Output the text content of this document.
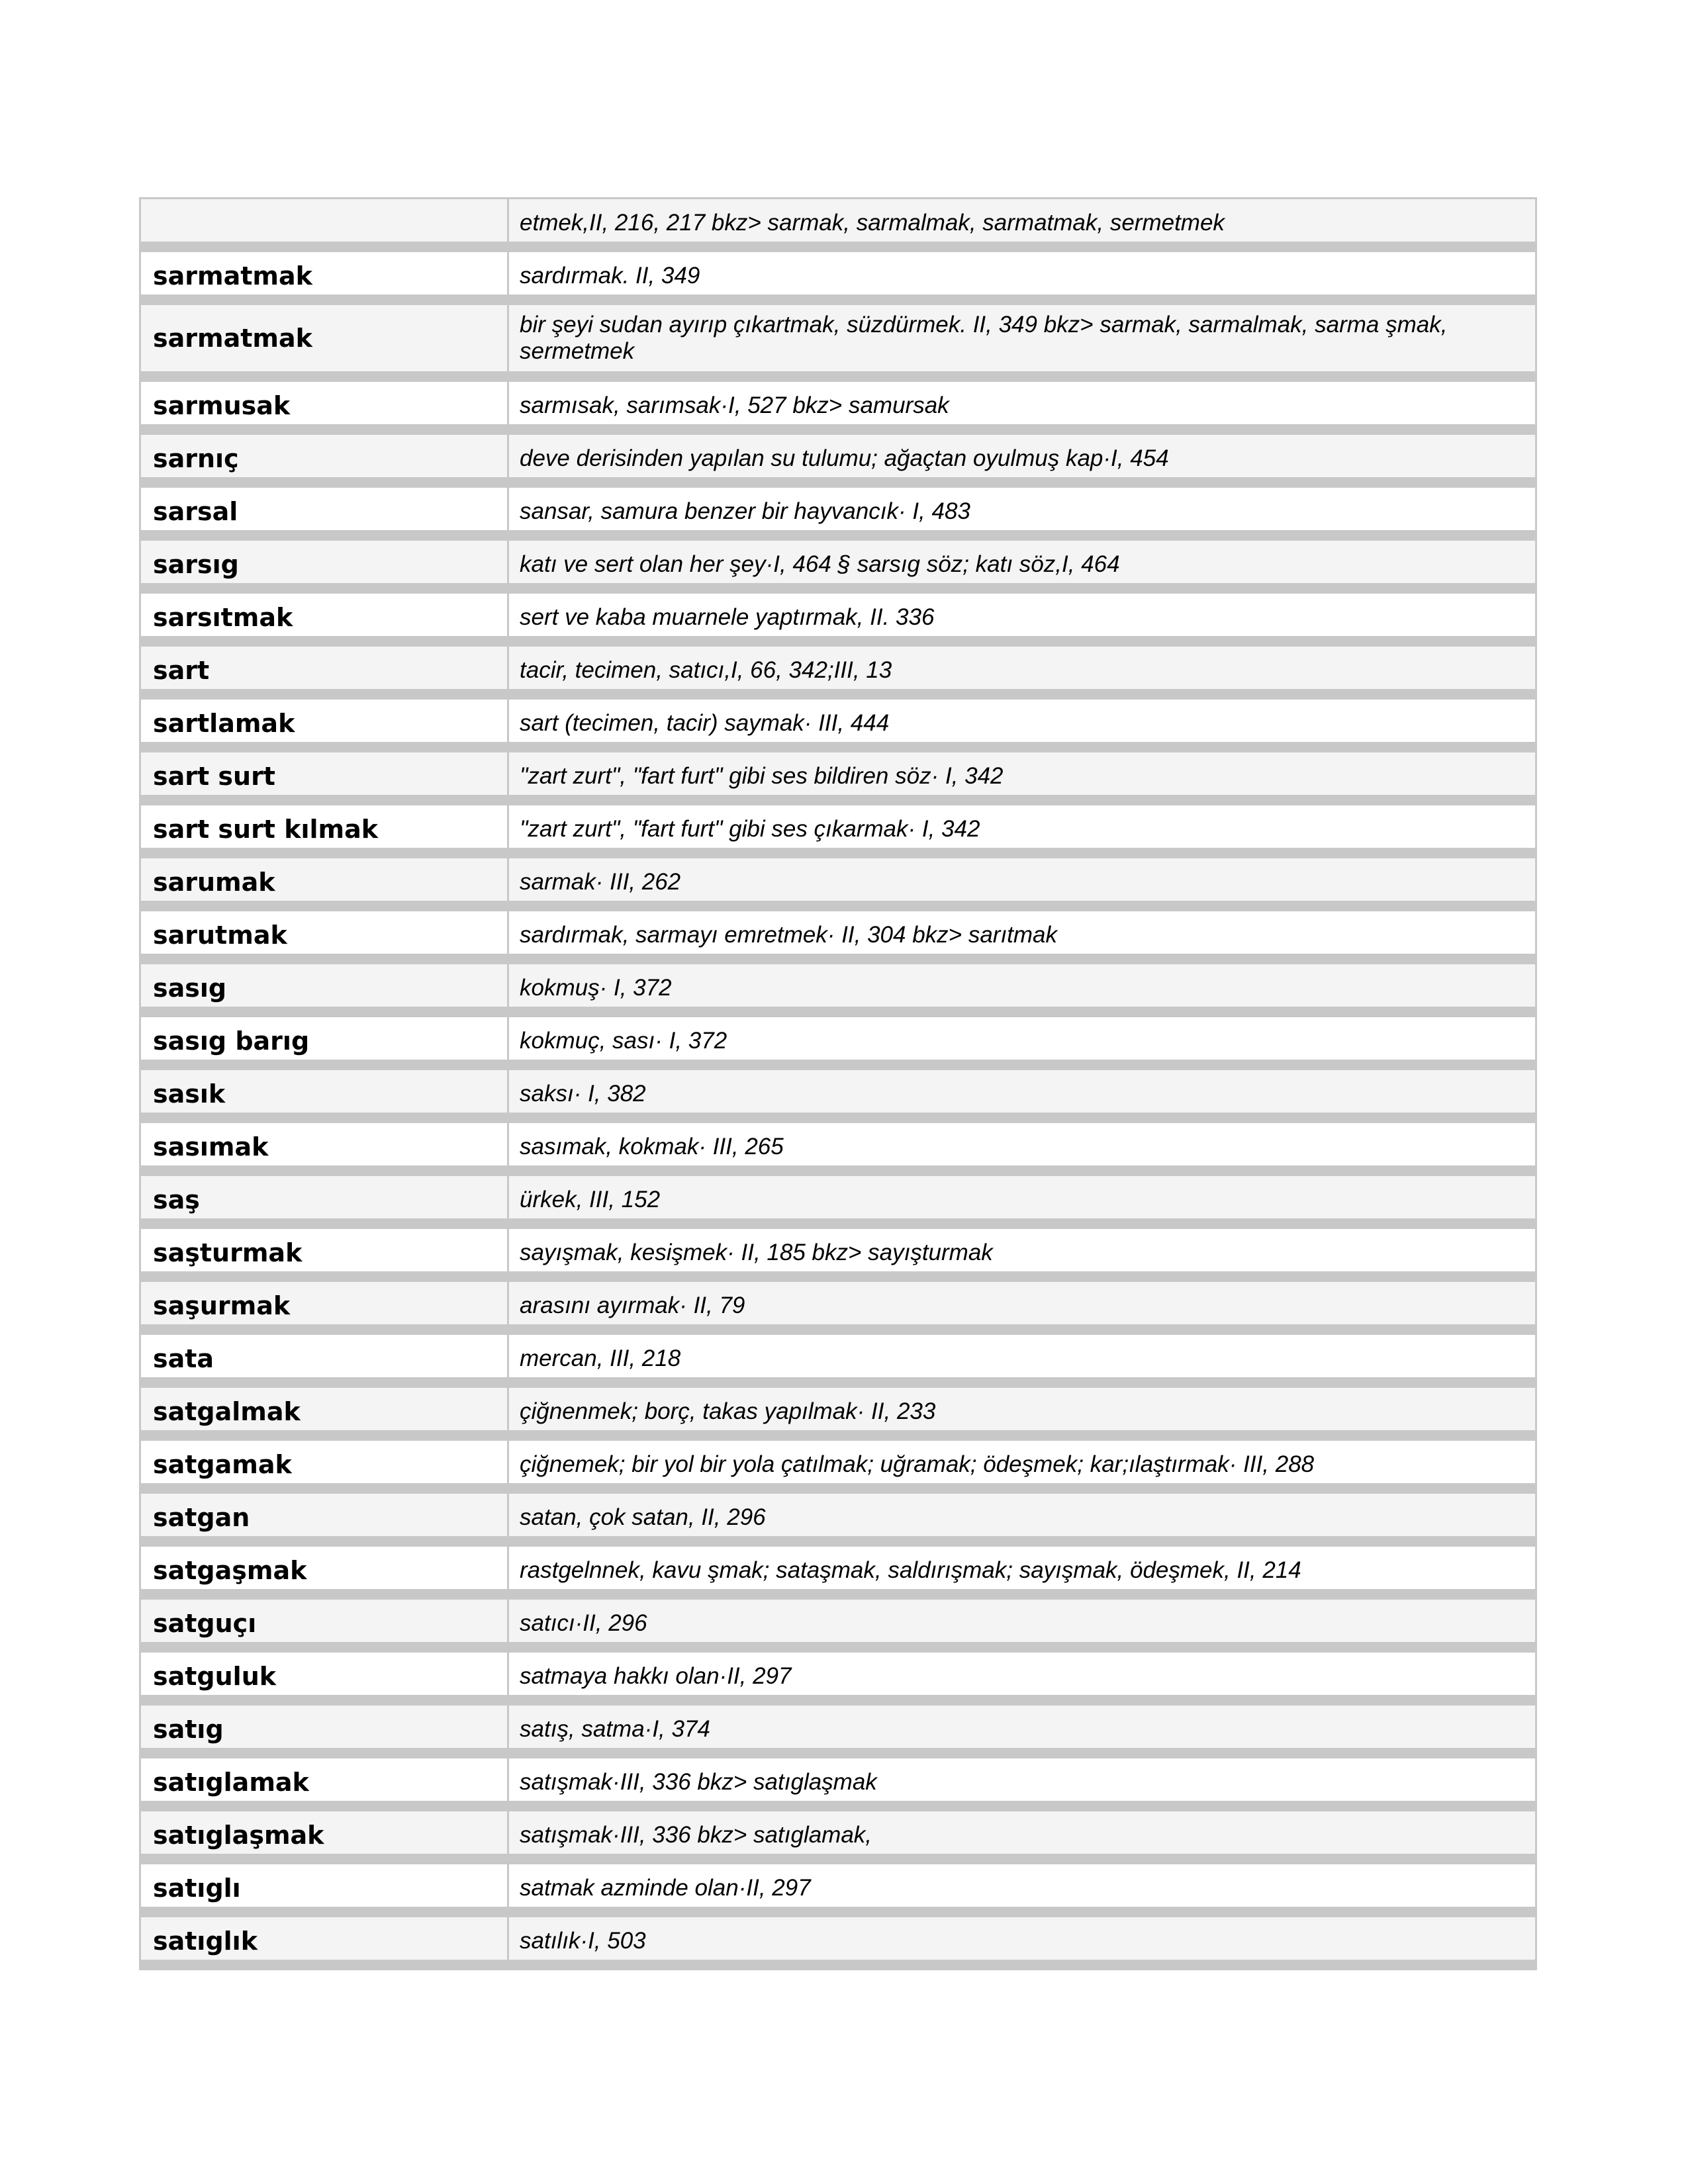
etmek,II, 216, 217 bkz> sarmak, sarmalmak, sarmatmak, sermetmek
sarmatmak	sardırmak. II, 349
sarmatmak	bir şeyi sudan ayırıp çıkartmak, süzdürmek. II, 349 bkz> sarmak, sarmalmak, sarma şmak, sermetmek
sarmusak	sarmısak, sarımsak·I, 527 bkz> samursak
sarnıç	deve derisinden yapılan su tulumu; ağaçtan oyulmuş kap·I, 454
sarsal	sansar, samura benzer bir hayvancık· I, 483
sarsıg	katı ve sert olan her şey·I, 464 § sarsıg söz; katı söz,I, 464
sarsıtmak	sert ve kaba muarnele yaptırmak, II. 336
sart	tacir, tecimen, satıcı,I, 66, 342;III, 13
sartlamak	sart (tecimen, tacir) saymak· III, 444
sart surt	"zart zurt", "fart furt" gibi ses bildiren söz· I, 342
sart surt kılmak	"zart zurt", "fart furt" gibi ses çıkarmak· I, 342
sarumak	sarmak· III, 262
sarutmak	sardırmak, sarmayı emretmek· II, 304 bkz> sarıtmak
sasıg	kokmuş· I, 372
sasıg barıg	kokmuç, sası· I, 372
sasık	saksı· I, 382
sasımak	sasımak, kokmak· III, 265
saş	ürkek, III, 152
saşturmak	sayışmak, kesişmek· II, 185 bkz> sayışturmak
saşurmak	arasını ayırmak· II, 79
sata	mercan, III, 218
satgalmak	çiğnenmek; borç, takas yapılmak· II, 233
satgamak	çiğnemek; bir yol bir yola çatılmak; uğramak; ödeşmek; kar;ılaştırmak· III, 288
satgan	satan, çok satan, II, 296
satgaşmak	rastgelnnek, kavu şmak; sataşmak, saldırışmak; sayışmak, ödeşmek, II, 214
satguçı	satıcı·II, 296
satguluk	satmaya hakkı olan·II, 297
satıg	satış, satma·I, 374
satıglamak	satışmak·III, 336 bkz> satıglaşmak
satıglaşmak	satışmak·III, 336 bkz> satıglamak,
satıglı	satmak azminde olan·II, 297
satıglık	satılık·I, 503
